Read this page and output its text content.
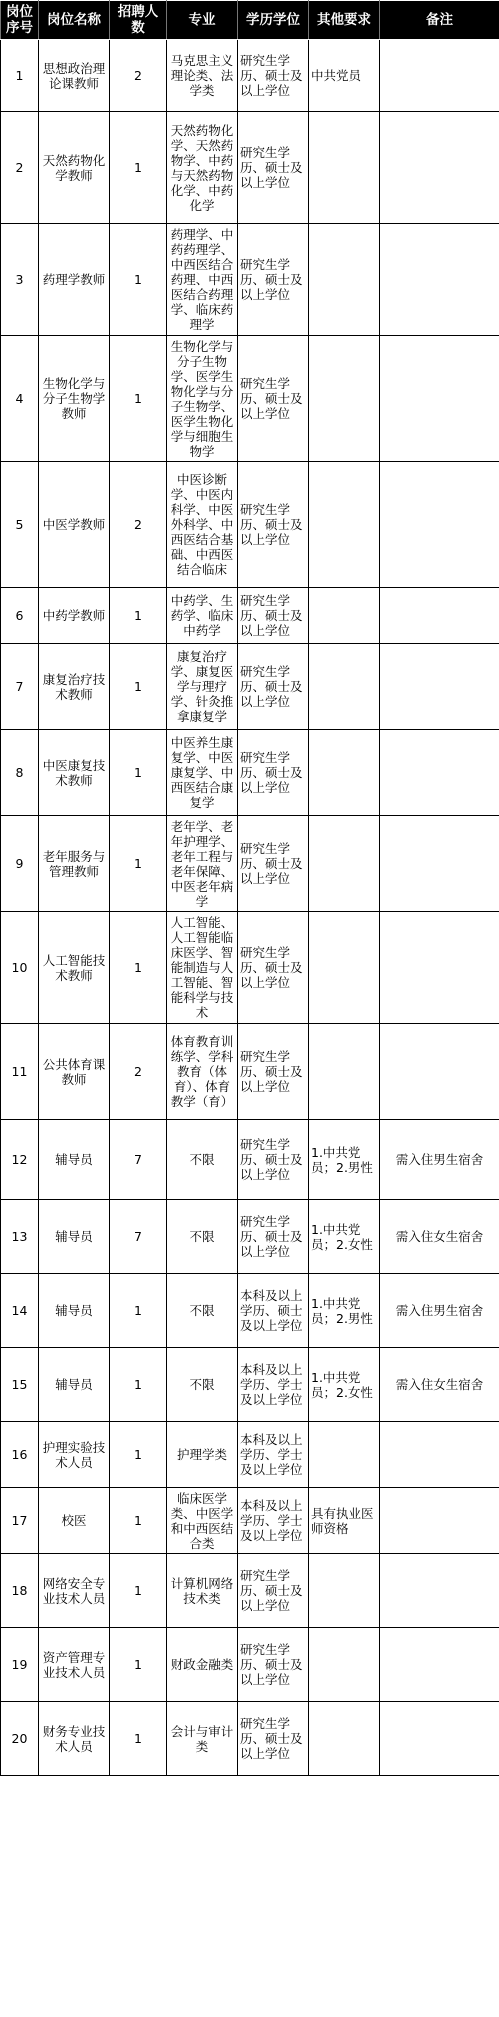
岗位序号	岗位名称	招聘人数	专业	学历学位	其他要求	备注
1	思想政治理论课教师	2	马克思主义理论类、法学类	研究生学历、硕士及以上学位	中共党员	
2	天然药物化学教师	1	天然药物化学、天然药物学、中药与天然药物化学、中药化学	研究生学历、硕士及以上学位		
3	药理学教师	1	药理学、中药药理学、中西医结合药理、中西医结合药理学、临床药理学	研究生学历、硕士及以上学位		
4	生物化学与分子生物学教师	1	生物化学与分子生物学、医学生物化学与分子生物学、医学生物化学与细胞生物学	研究生学历、硕士及以上学位		
5	中医学教师	2	中医诊断学、中医内科学、中医外科学、中西医结合基础、中西医结合临床	研究生学历、硕士及以上学位		
6	中药学教师	1	中药学、生药学、临床中药学	研究生学历、硕士及以上学位		
7	康复治疗技术教师	1	康复治疗学、康复医学与理疗学、针灸推拿康复学	研究生学历、硕士及以上学位		
8	中医康复技术教师	1	中医养生康复学、中医康复学、中西医结合康复学	研究生学历、硕士及以上学位		
9	老年服务与管理教师	1	老年学、老年护理学、老年工程与老年保障、中医老年病学	研究生学历、硕士及以上学位		
10	人工智能技术教师	1	人工智能、人工智能临床医学、智能制造与人工智能、智能科学与技术	研究生学历、硕士及以上学位		
11	公共体育课教师	2	体育教育训练学、学科教育（体育）、体育教学（育）	研究生学历、硕士及以上学位		
12	辅导员	7	不限	研究生学历、硕士及以上学位	1.中共党员；2.男性	需入住男生宿舍
13	辅导员	7	不限	研究生学历、硕士及以上学位	1.中共党员；2.女性	需入住女生宿舍
14	辅导员	1	不限	本科及以上学历、硕士及以上学位	1.中共党员；2.男性	需入住男生宿舍
15	辅导员	1	不限	本科及以上学历、学士及以上学位	1.中共党员；2.女性	需入住女生宿舍
16	护理实验技术人员	1	护理学类	本科及以上学历、学士及以上学位		
17	校医	1	临床医学类、中医学和中西医结合类	本科及以上学历、学士及以上学位	具有执业医师资格	
18	网络安全专业技术人员	1	计算机网络技术类	研究生学历、硕士及以上学位		
19	资产管理专业技术人员	1	财政金融类	研究生学历、硕士及以上学位		
20	财务专业技术人员	1	会计与审计类	研究生学历、硕士及以上学位		
